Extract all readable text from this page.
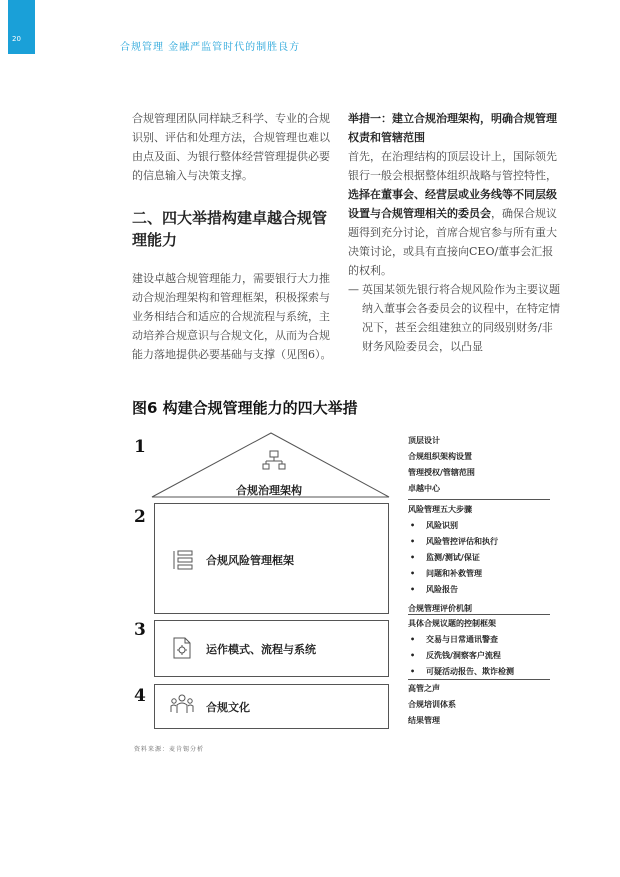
20
合规管理 金融严监管时代的制胜良方

合规管理团队同样缺乏科学、专业的合规识别、评估和处理方法，合规管理也难以由点及面、为银行整体经营管理提供必要的信息输入与决策支撑。

二、四大举措构建卓越合规管理能力

建设卓越合规管理能力，需要银行大力推动合规治理架构和管理框架，积极探索与业务相结合和适应的合规流程与系统，主动培养合规意识与合规文化，从而为合规能力落地提供必要基础与支撑（见图6）。

举措一：建立合规治理架构，明确合规管理权责和管辖范围

首先，在治理结构的顶层设计上，国际领先银行一般会根据整体组织战略与管控特性，选择在董事会、经营层或业务线等不同层级设置与合规管理相关的委员会，确保合规议题得到充分讨论，首席合规官参与所有重大决策讨论，或具有直接向CEO/董事会汇报的权利。

— 英国某领先银行将合规风险作为主要议题纳入董事会各委员会的议程中，在特定情况下，甚至会组建独立的同级别财务/非财务风险委员会，以凸显

图6 构建合规管理能力的四大举措
1
2
3
4
合规治理架构
合规风险管理框架
运作模式、流程与系统
合规文化
顶层设计
合规组织架构设置
管理授权/管辖范围
卓越中心
风险管理五大步骤
• 风险识别
• 风险管控评估和执行
• 监测/测试/保证
• 问题和补救管理
• 风险报告
合规管理评价机制
具体合规议题的控制框架
• 交易与日常通讯警查
• 反洗钱/洞察客户流程
• 可疑活动报告、欺诈检测
高管之声
合规培训体系
结果管理
资料来源：麦肯锡分析
